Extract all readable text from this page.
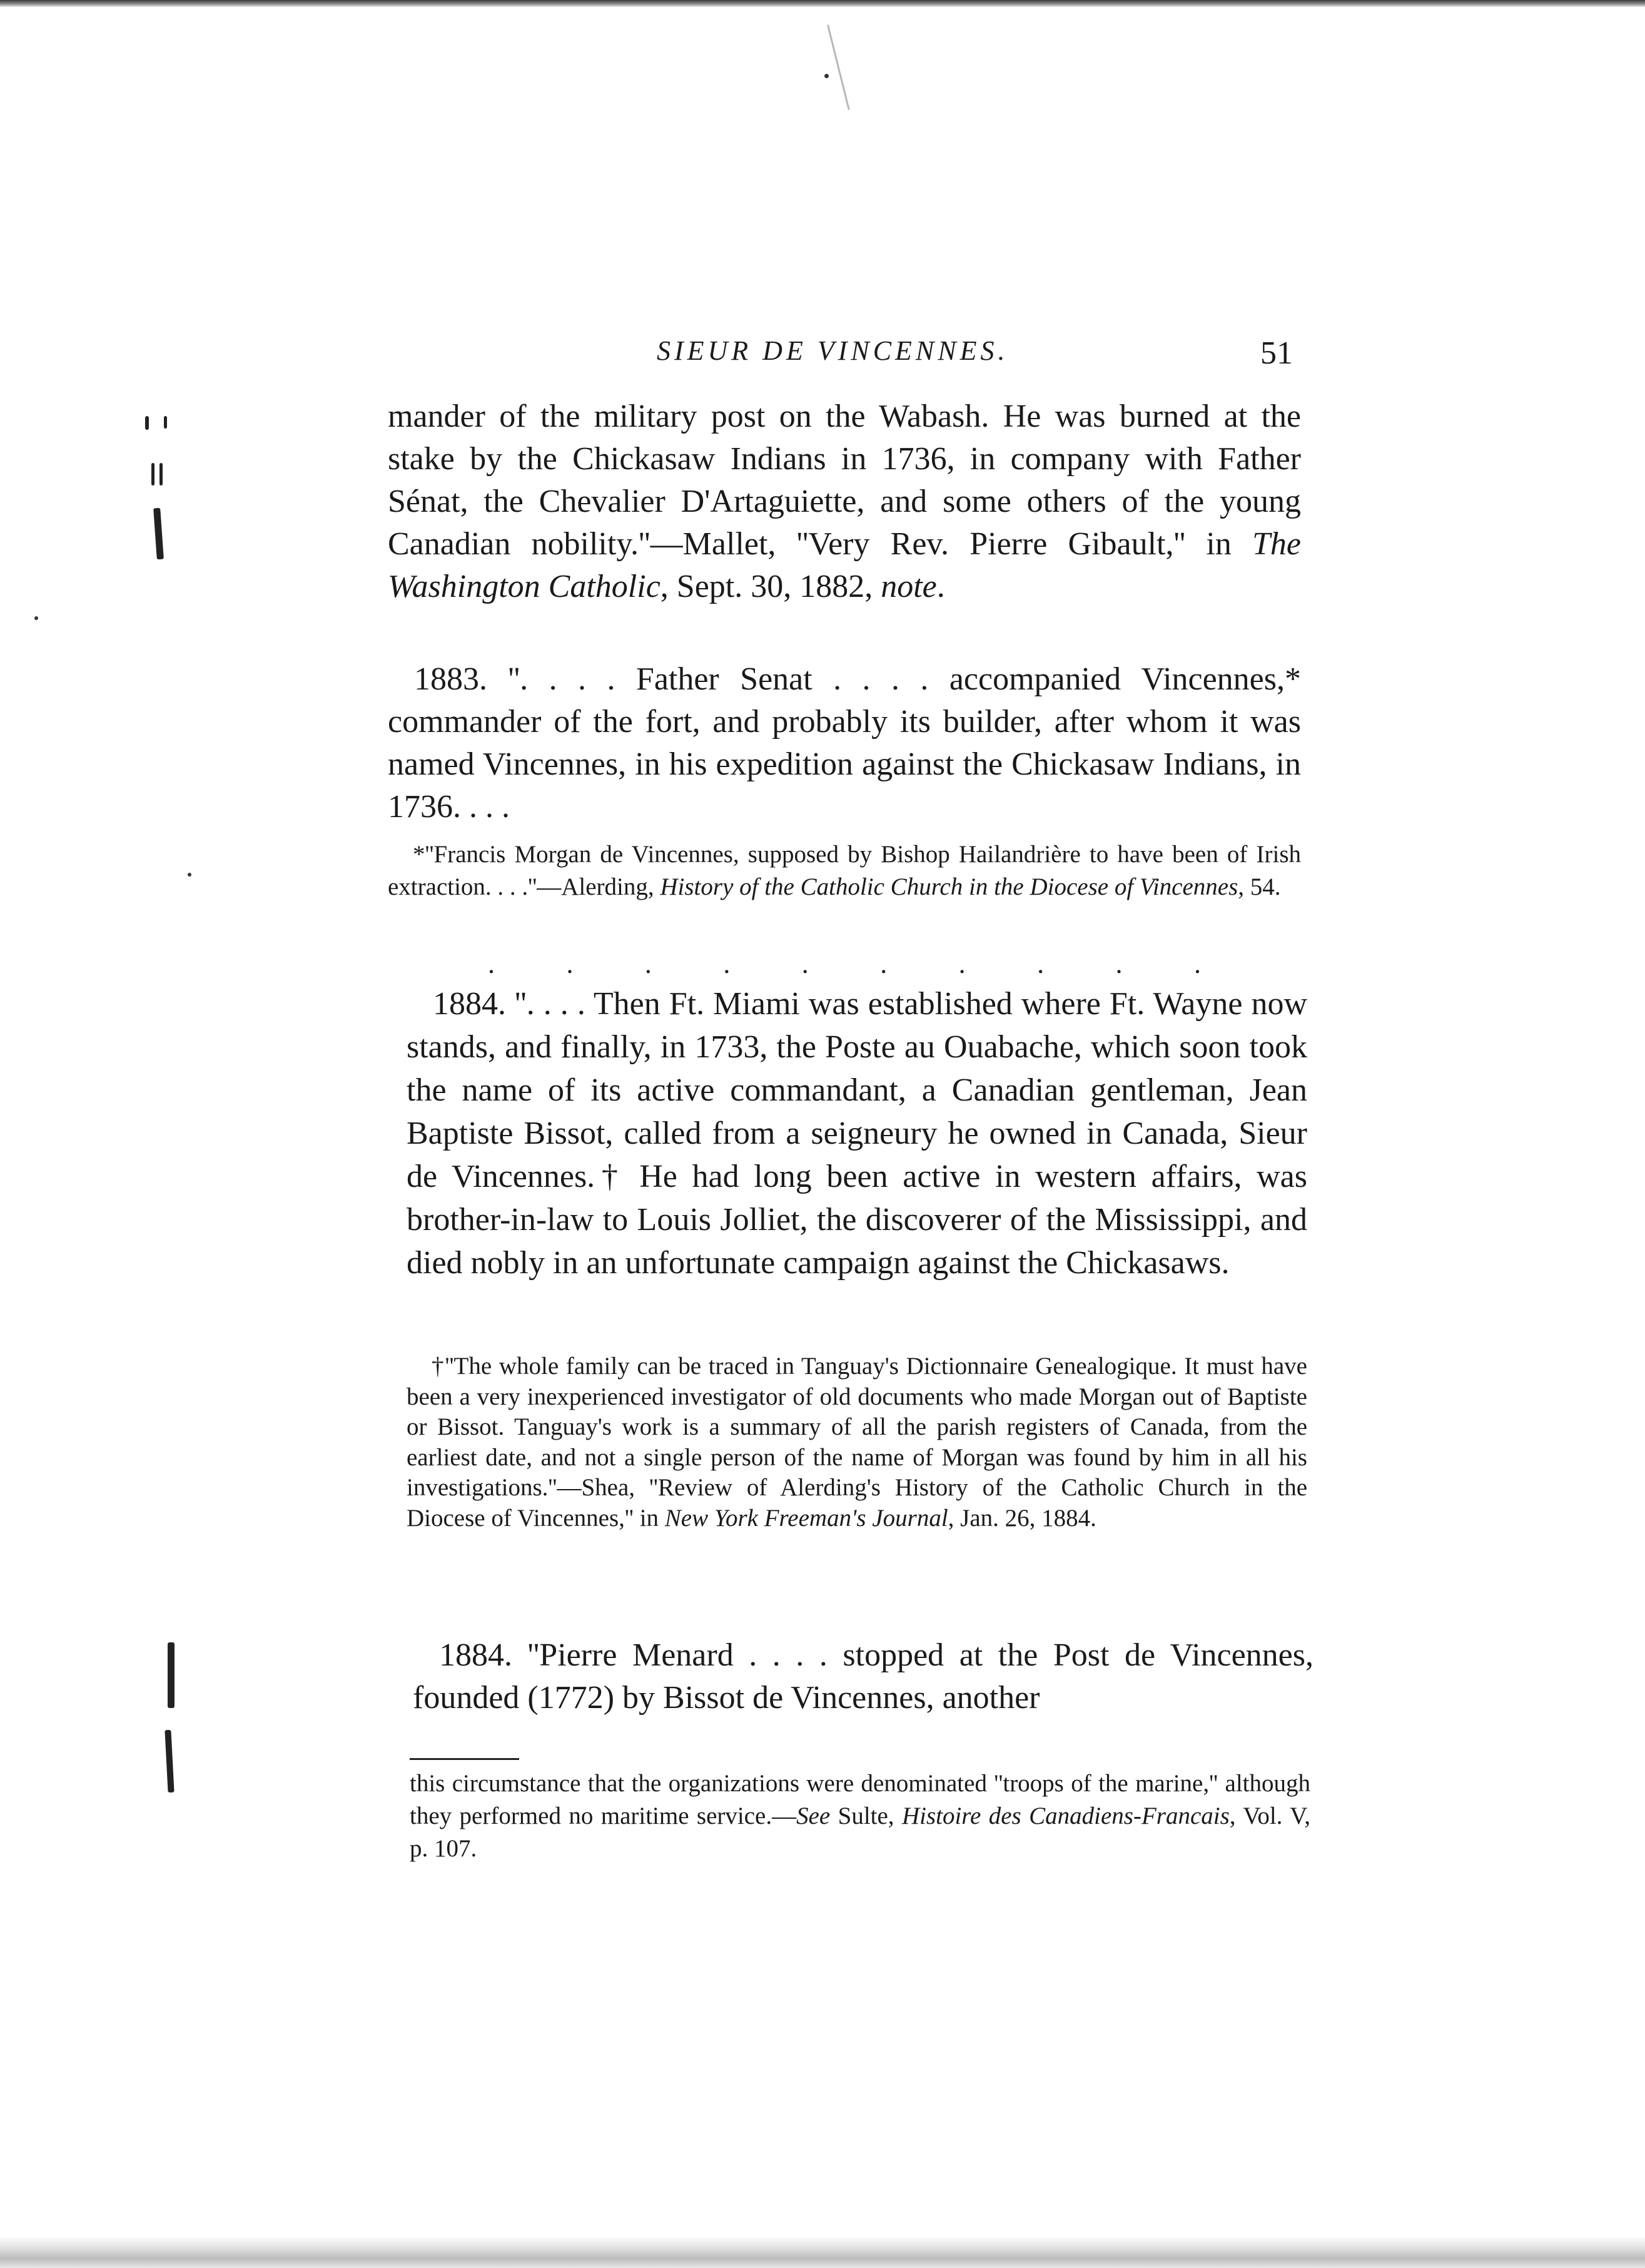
SIEUR DE VINCENNES.	51

mander of the military post on the Wabash. He was burned at the stake by the Chickasaw Indians in 1736, in company with Father Sénat, the Chevalier D'Artaguiette, and some others of the young Canadian nobility.''—Mallet, ''Very Rev. Pierre Gibault,'' in The Washington Catholic, Sept. 30, 1882, note.

1883. ''. . . . Father Senat . . . . accompanied Vincennes,* commander of the fort, and probably its builder, after whom it was named Vincennes, in his expedition against the Chickasaw Indians, in 1736. . . .

*''Francis Morgan de Vincennes, supposed by Bishop Hailandrière to have been of Irish extraction. . . .''—Alerding, History of the Catholic Church in the Diocese of Vincennes, 54.

.	.	.	.	.	.	.	.	.	.

1884. ''. . . . Then Ft. Miami was established where Ft. Wayne now stands, and finally, in 1733, the Poste au Ouabache, which soon took the name of its active commandant, a Canadian gentleman, Jean Baptiste Bissot, called from a seigneury he owned in Canada, Sieur de Vincennes.† He had long been active in western affairs, was brother-in-law to Louis Jolliet, the discoverer of the Mississippi, and died nobly in an unfortunate campaign against the Chickasaws.

†''The whole family can be traced in Tanguay's Dictionnaire Genealogique. It must have been a very inexperienced investigator of old documents who made Morgan out of Baptiste or Bissot. Tanguay's work is a summary of all the parish registers of Canada, from the earliest date, and not a single person of the name of Morgan was found by him in all his investigations.''—Shea, ''Review of Alerding's History of the Catholic Church in the Diocese of Vincennes,'' in New York Freeman's Journal, Jan. 26, 1884.

1884. ''Pierre Menard . . . . stopped at the Post de Vincennes, founded (1772) by Bissot de Vincennes, another

this circumstance that the organizations were denominated ''troops of the marine,'' although they performed no maritime service.—See Sulte, Histoire des Canadiens-Francais, Vol. V, p. 107.
